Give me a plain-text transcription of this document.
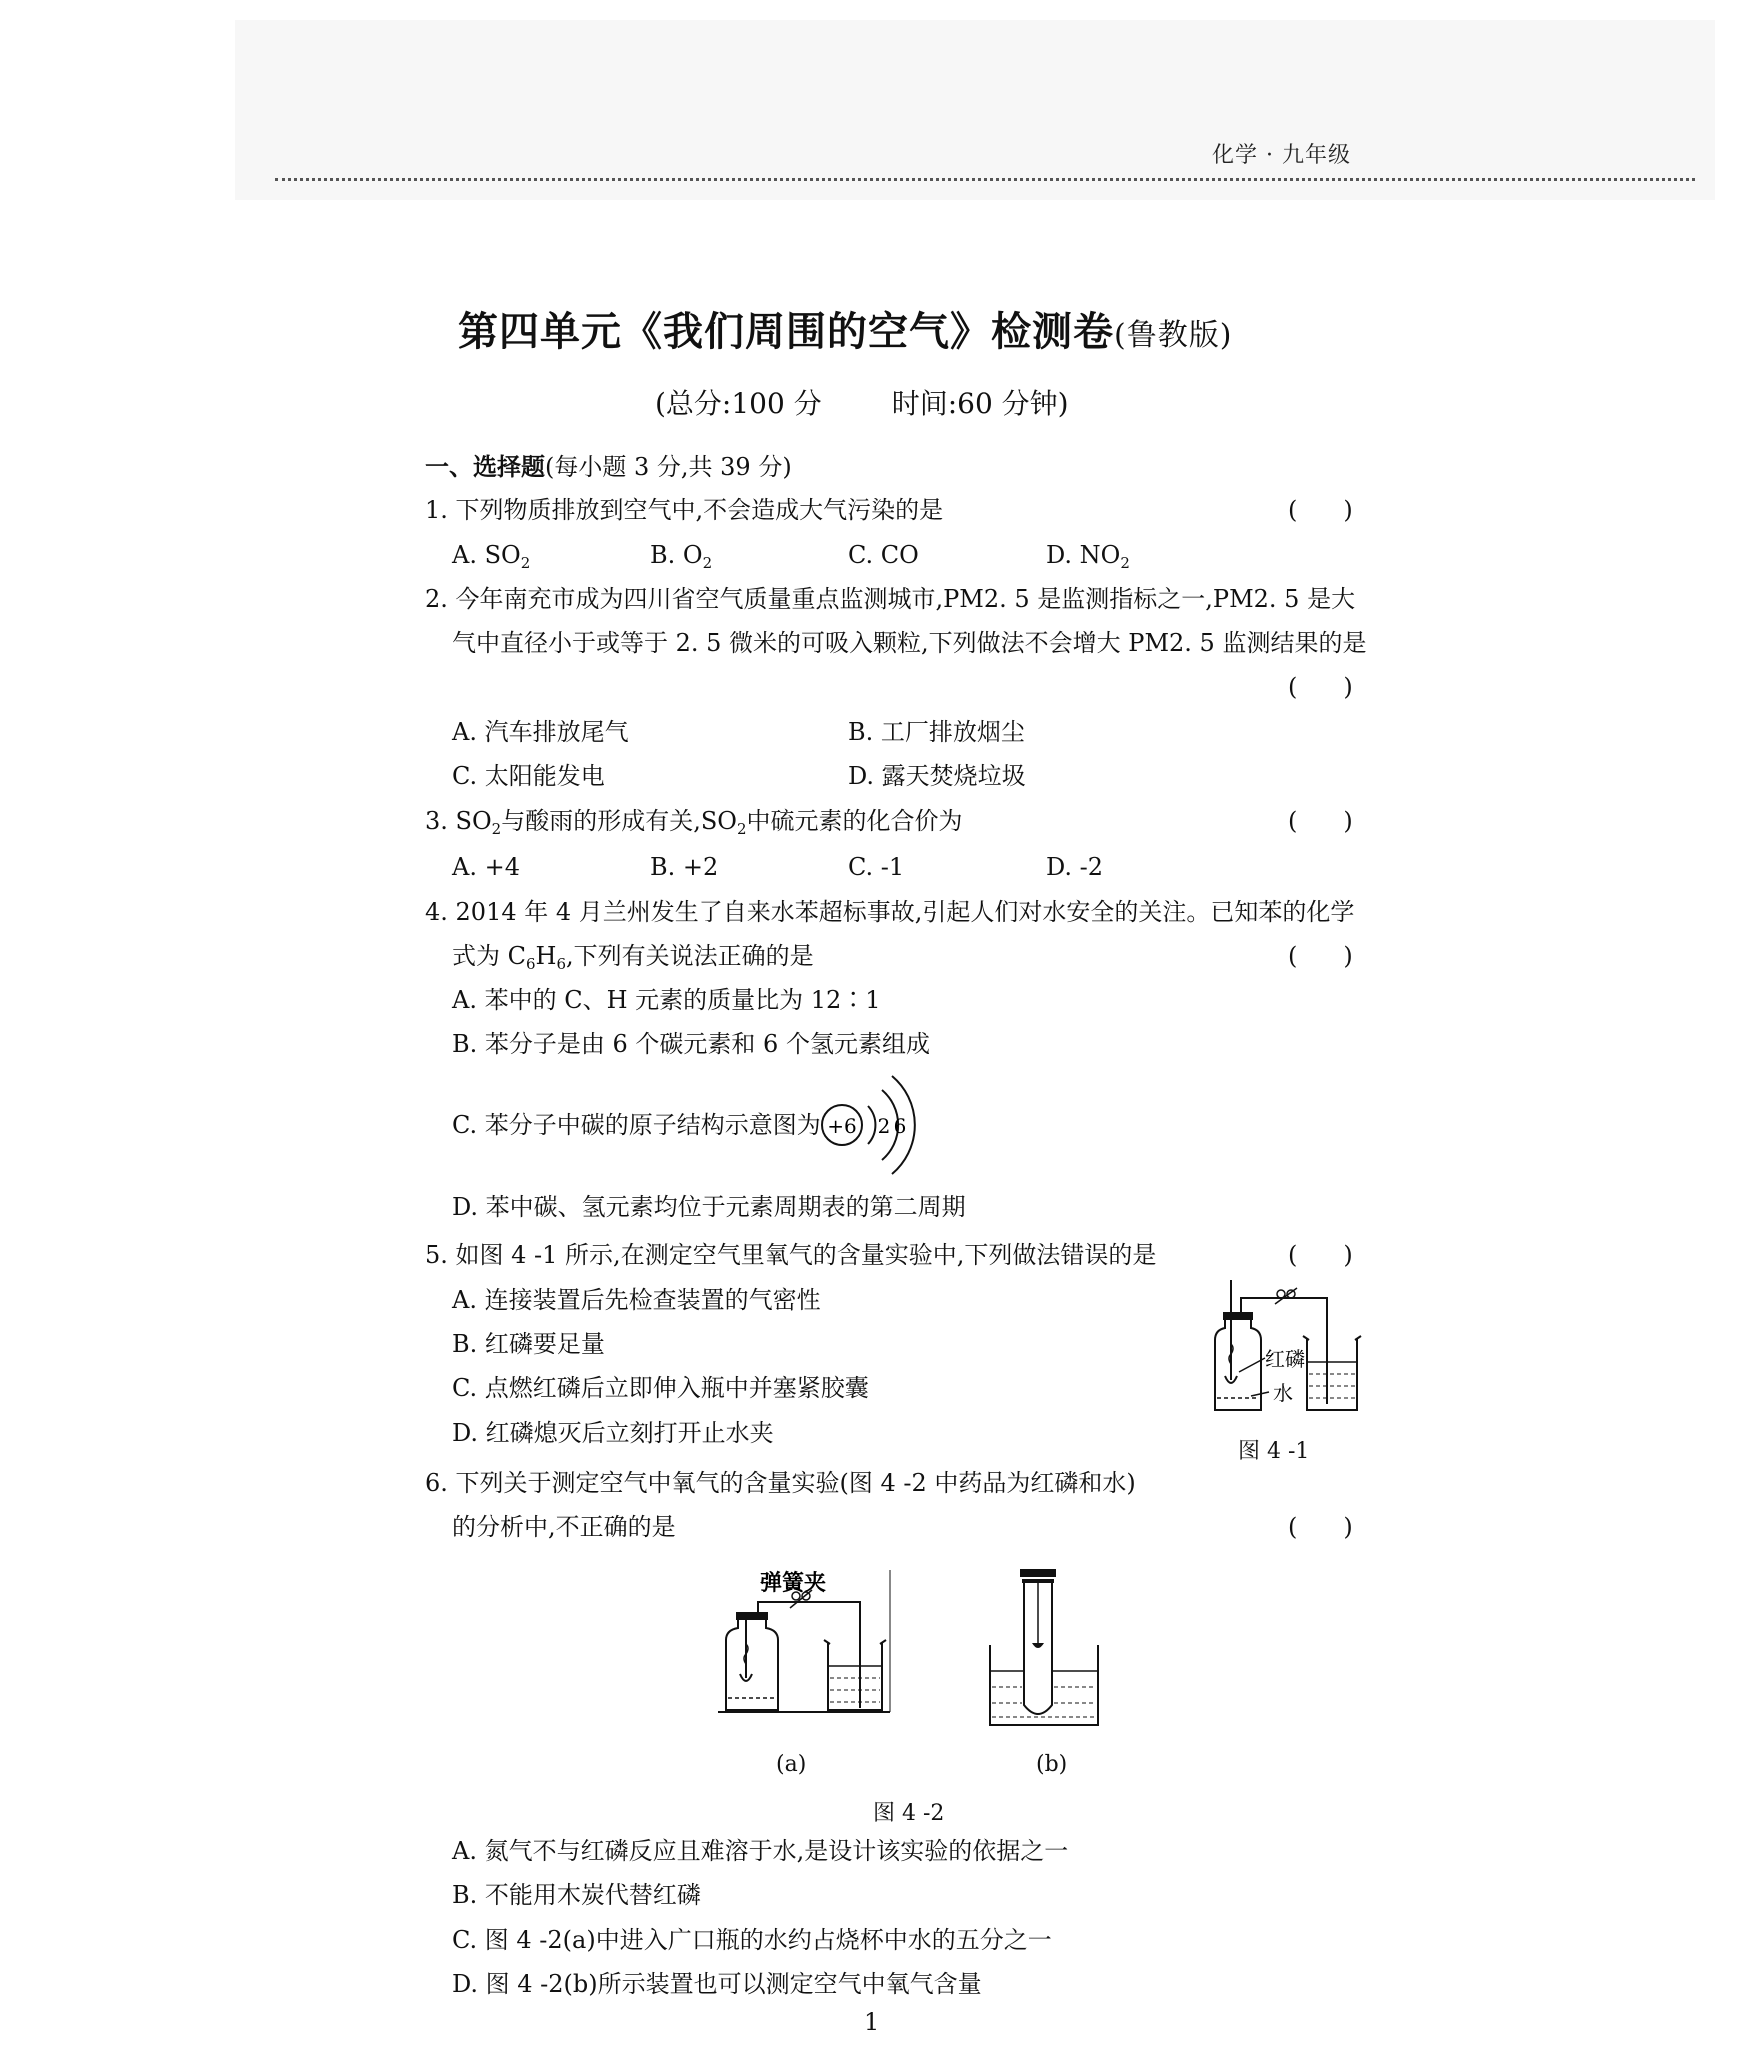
化学 · 九年级
第四单元《我们周围的空气》检测卷(鲁教版)
(总分:100 分	时间:60 分钟)
一、选择题(每小题 3 分,共 39 分)
1. 下列物质排放到空气中,不会造成大气污染的是	( )
A. $SO_2$	B. $O_2$	C. CO	D. $NO_2$
2. 今年南充市成为四川省空气质量重点监测城市,PM2. 5 是监测指标之一,PM2. 5 是大
气中直径小于或等于 2. 5 微米的可吸入颗粒,下列做法不会增大 PM2. 5 监测结果的是
( )
A. 汽车排放尾气	B. 工厂排放烟尘
C. 太阳能发电	D. 露天焚烧垃圾
3. $SO_2$与酸雨的形成有关$,SO_2$中硫元素的化合价为	( )
A. +4	B. +2	C. -1	D. -2
4. 2014 年 4 月兰州发生了自来水苯超标事故,引起人们对水安全的关注。已知苯的化学
式为 $C_6H_6$,下列有关说法正确的是	( )
A. 苯中的 C、H 元素的质量比为 12∶1
B. 苯分子是由 6 个碳元素和 6 个氢元素组成
C. 苯分子中碳的原子结构示意图为 +6 2 6
D. 苯中碳、氢元素均位于元素周期表的第二周期
5. 如图 4 -1 所示,在测定空气里氧气的含量实验中,下列做法错误的是	( )
A. 连接装置后先检查装置的气密性
B. 红磷要足量
C. 点燃红磷后立即伸入瓶中并塞紧胶囊
D. 红磷熄灭后立刻打开止水夹
红磷
水
图 4 -1
6. 下列关于测定空气中氧气的含量实验(图 4 -2 中药品为红磷和水)
的分析中,不正确的是	( )
弹簧夹
(a)	(b)
图 4 -2
A. 氮气不与红磷反应且难溶于水,是设计该实验的依据之一
B. 不能用木炭代替红磷
C. 图 4 -2(a)中进入广口瓶的水约占烧杯中水的五分之一
D. 图 4 -2(b)所示装置也可以测定空气中氧气含量
1
